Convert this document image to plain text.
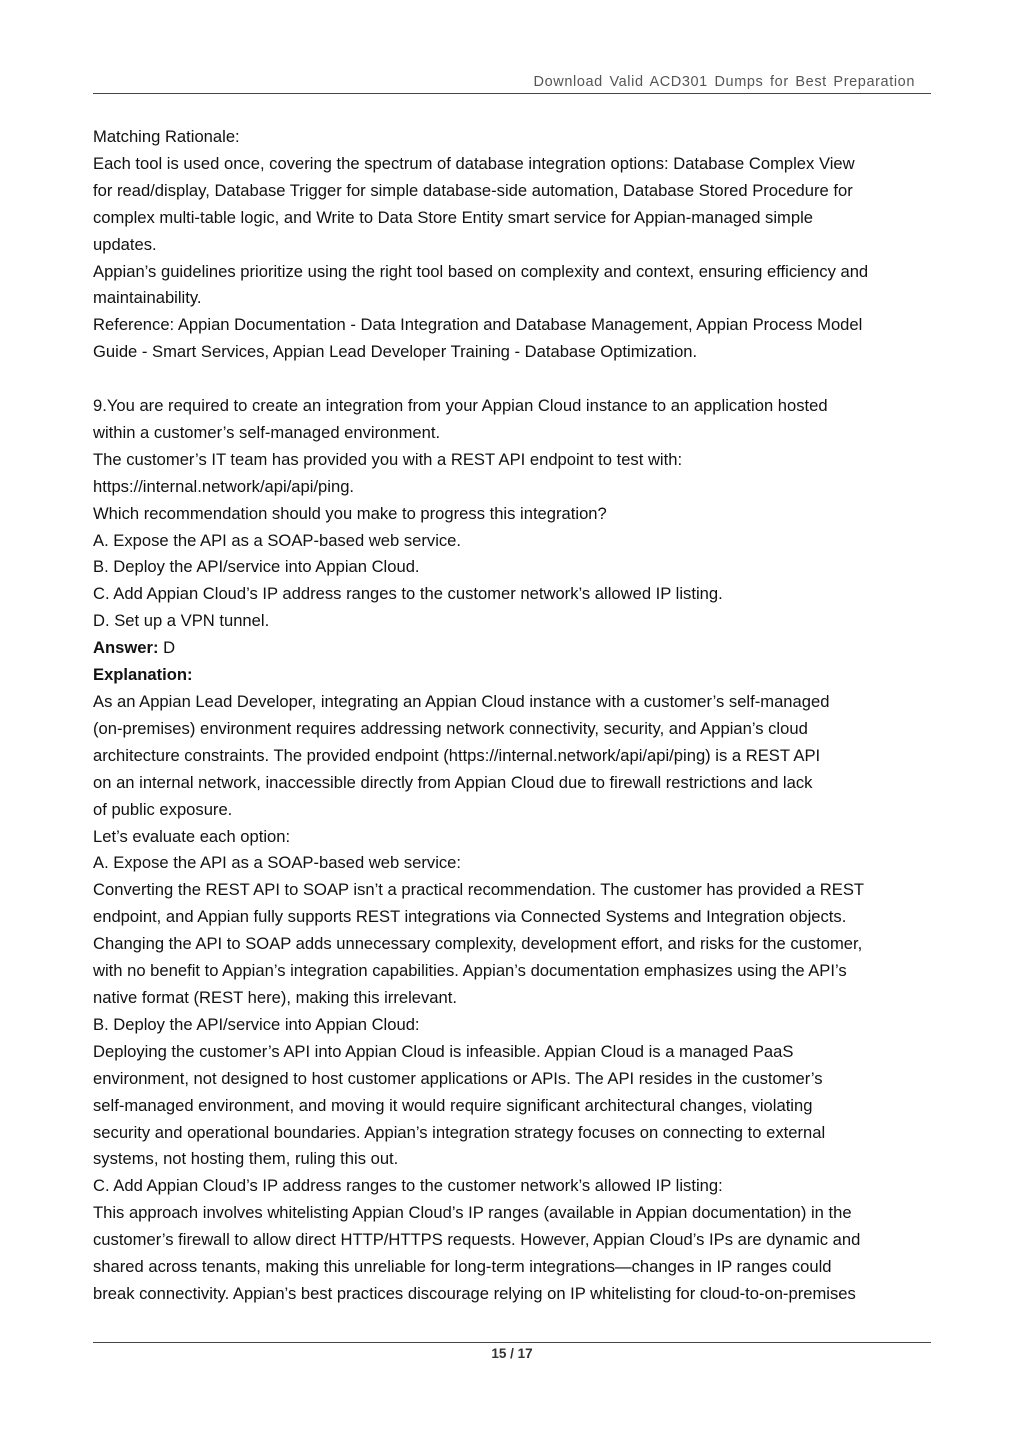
Download Valid ACD301 Dumps for Best Preparation

Matching Rationale:

Each tool is used once, covering the spectrum of database integration options: Database Complex View

for read/display, Database Trigger for simple database-side automation, Database Stored Procedure for

complex multi-table logic, and Write to Data Store Entity smart service for Appian-managed simple

updates.

Appian’s guidelines prioritize using the right tool based on complexity and context, ensuring efficiency and

maintainability.

Reference: Appian Documentation - Data Integration and Database Management, Appian Process Model

Guide - Smart Services, Appian Lead Developer Training - Database Optimization.

9.You are required to create an integration from your Appian Cloud instance to an application hosted

within a customer’s self-managed environment.

The customer’s IT team has provided you with a REST API endpoint to test with:

https://internal.network/api/api/ping.

Which recommendation should you make to progress this integration?

A. Expose the API as a SOAP-based web service.

B. Deploy the API/service into Appian Cloud.

C. Add Appian Cloud’s IP address ranges to the customer network’s allowed IP listing.

D. Set up a VPN tunnel.

Answer: D

Explanation:

As an Appian Lead Developer, integrating an Appian Cloud instance with a customer’s self-managed

(on-premises) environment requires addressing network connectivity, security, and Appian’s cloud

architecture constraints. The provided endpoint (https://internal.network/api/api/ping) is a REST API

on an internal network, inaccessible directly from Appian Cloud due to firewall restrictions and lack

of public exposure.

Let’s evaluate each option:

A. Expose the API as a SOAP-based web service:

Converting the REST API to SOAP isn’t a practical recommendation. The customer has provided a REST

endpoint, and Appian fully supports REST integrations via Connected Systems and Integration objects.

Changing the API to SOAP adds unnecessary complexity, development effort, and risks for the customer,

with no benefit to Appian’s integration capabilities. Appian’s documentation emphasizes using the API’s

native format (REST here), making this irrelevant.

B. Deploy the API/service into Appian Cloud:

Deploying the customer’s API into Appian Cloud is infeasible. Appian Cloud is a managed PaaS

environment, not designed to host customer applications or APIs. The API resides in the customer’s

self-managed environment, and moving it would require significant architectural changes, violating

security and operational boundaries. Appian’s integration strategy focuses on connecting to external

systems, not hosting them, ruling this out.

C. Add Appian Cloud’s IP address ranges to the customer network’s allowed IP listing:

This approach involves whitelisting Appian Cloud’s IP ranges (available in Appian documentation) in the

customer’s firewall to allow direct HTTP/HTTPS requests. However, Appian Cloud’s IPs are dynamic and

shared across tenants, making this unreliable for long-term integrations—changes in IP ranges could

break connectivity. Appian’s best practices discourage relying on IP whitelisting for cloud-to-on-premises

15 / 17
